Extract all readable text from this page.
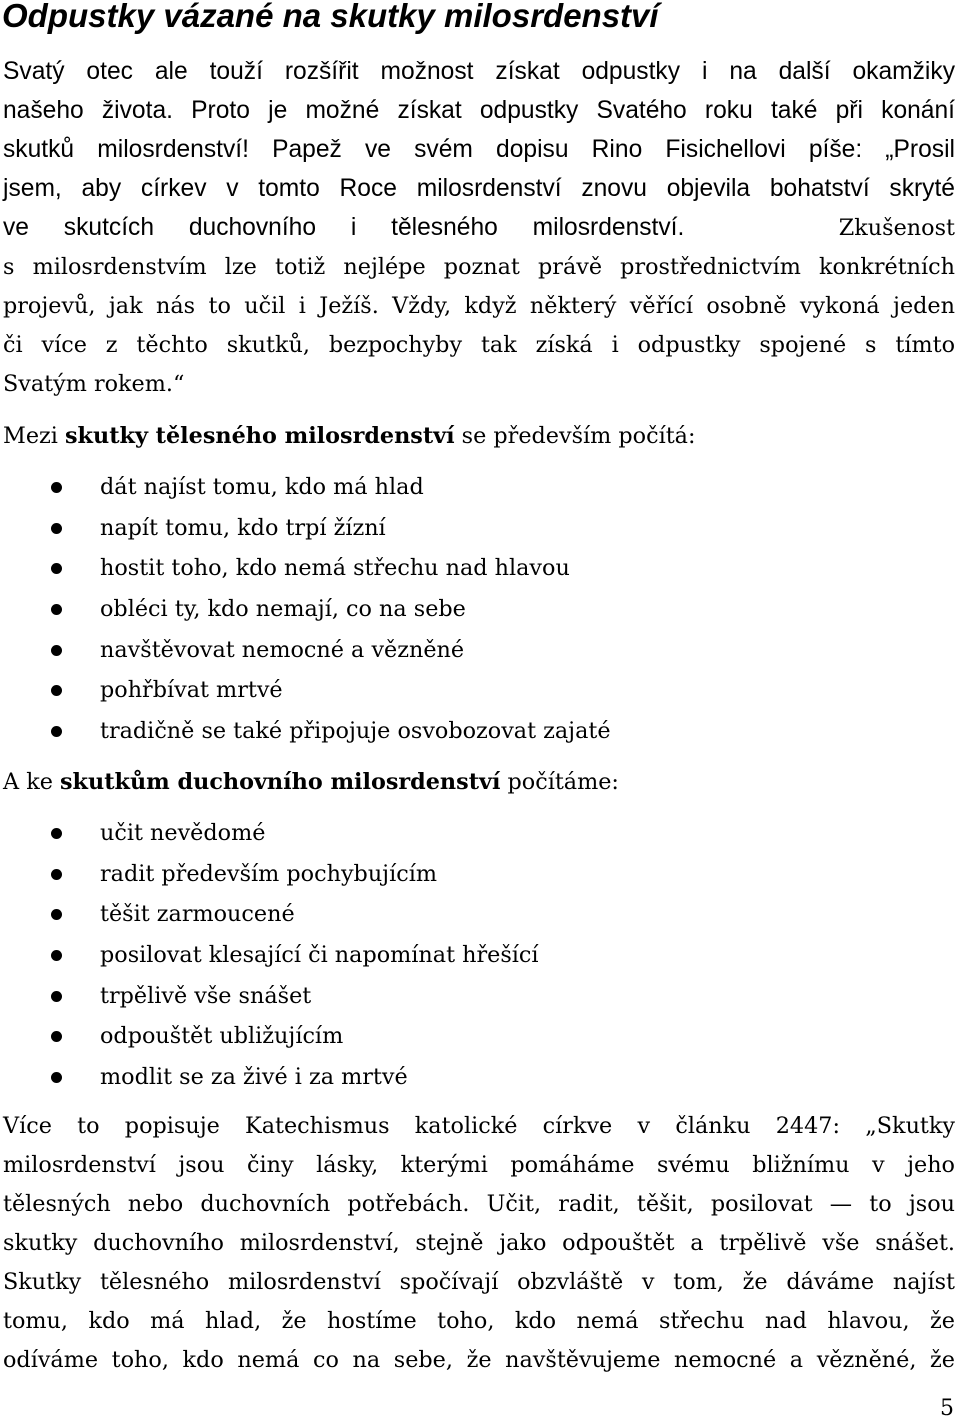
Odpustky vázané na skutky milosrdenství
Svatý otec ale touží rozšířit možnost získat odpustky i na další okamžiky
našeho života. Proto je možné získat odpustky Svatého roku také při konání
skutků milosrdenství! Papež ve svém dopisu Rino Fisichellovi píše: „Prosil
jsem, aby církev v tomto Roce milosrdenství znovu objevila bohatství skryté
ve skutcích duchovního i tělesného milosrdenství.	Zkušenost
s milosrdenstvím lze totiž nejlépe poznat právě prostřednictvím konkrétních
projevů, jak nás to učil i Ježíš. Vždy, když některý věřící osobně vykoná jeden
či více z těchto skutků, bezpochyby tak získá i odpustky spojené s tímto
Svatým rokem.“

Mezi skutky tělesného milosrdenství se především počítá:

dát najíst tomu, kdo má hlad
napít tomu, kdo trpí žízní
hostit toho, kdo nemá střechu nad hlavou
obléci ty, kdo nemají, co na sebe
navštěvovat nemocné a vězněné
pohřbívat mrtvé
tradičně se také připojuje osvobozovat zajaté

A ke skutkům duchovního milosrdenství počítáme:

učit nevědomé
radit především pochybujícím
těšit zarmoucené
posilovat klesající či napomínat hřešící
trpělivě vše snášet
odpouštět ubližujícím
modlit se za živé i za mrtvé
Více to popisuje Katechismus katolické církve v článku 2447: „Skutky
milosrdenství jsou činy lásky, kterými pomáháme svému bližnímu v jeho
tělesných nebo duchovních potřebách. Učit, radit, těšit, posilovat — to jsou
skutky duchovního milosrdenství, stejně jako odpouštět a trpělivě vše snášet.
Skutky tělesného milosrdenství spočívají obzvláště v tom, že dáváme najíst
tomu, kdo má hlad, že hostíme toho, kdo nemá střechu nad hlavou, že
odíváme toho, kdo nemá co na sebe, že navštěvujeme nemocné a vězněné, že
5
